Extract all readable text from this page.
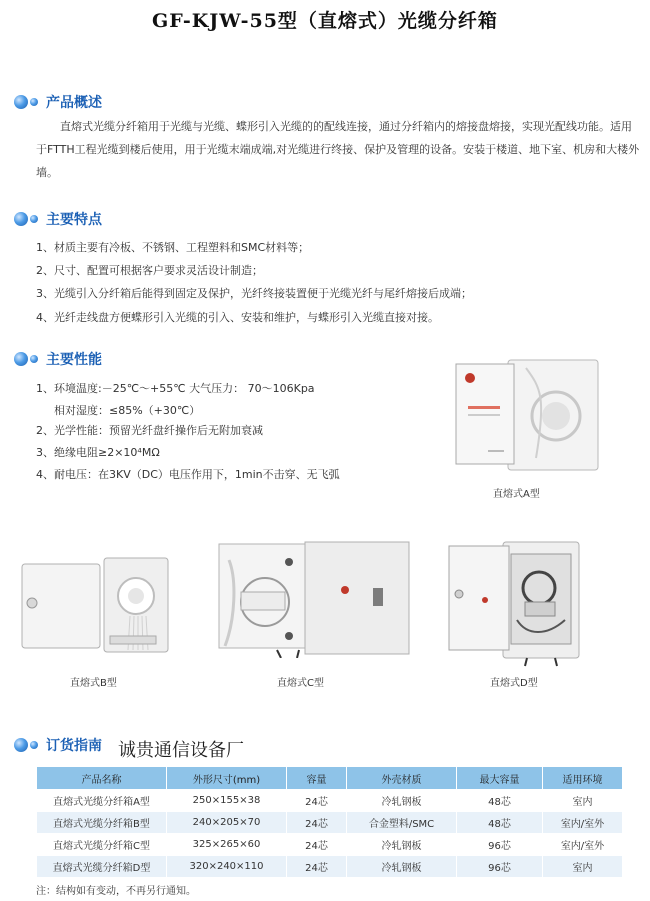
GF-KJW-55型（直熔式）光缆分纤箱
产品概述
直熔式光缆分纤箱用于光缆与光缆、蝶形引入光缆的的配线连接，通过分纤箱内的熔接盘熔接，实现光配线功能。适用于FTTH工程光缆到楼后使用，用于光缆末端成端,对光缆进行终接、保护及管理的设备。安装于楼道、地下室、机房和大楼外墙。
主要特点
1、材质主要有冷板、不锈钢、工程塑料和SMC材料等；
2、尺寸、配置可根据客户要求灵活设计制造；
3、光缆引入分纤箱后能得到固定及保护，光纤终接装置便于光缆光纤与尾纤熔接后成端；
4、光纤走线盘方便蝶形引入光缆的引入、安装和维护，与蝶形引入光缆直接对接。
主要性能
1、环境温度:－25℃～+55℃ 大气压力： 70～106Kpa
相对湿度：≤85%（+30℃）
2、光学性能：预留光纤盘纤操作后无附加衰减
3、绝缘电阻≥2×10⁴MΩ
4、耐电压：在3KV（DC）电压作用下，1min不击穿、无飞弧
直熔式A型
直熔式B型	直熔式C型	直熔式D型
订货指南 诚贵通信设备厂
产品名称	外形尺寸(mm)	容量	外壳材质	最大容量	适用环境
直熔式光缆分纤箱A型	250×155×38	24芯	冷轧钢板	48芯	室内
直熔式光缆分纤箱B型	240×205×70	24芯	合金塑料/SMC	48芯	室内/室外
直熔式光缆分纤箱C型	325×265×60	24芯	冷轧钢板	96芯	室内/室外
直熔式光缆分纤箱D型	320×240×110	24芯	冷轧钢板	96芯	室内
注：结构如有变动，不再另行通知。
